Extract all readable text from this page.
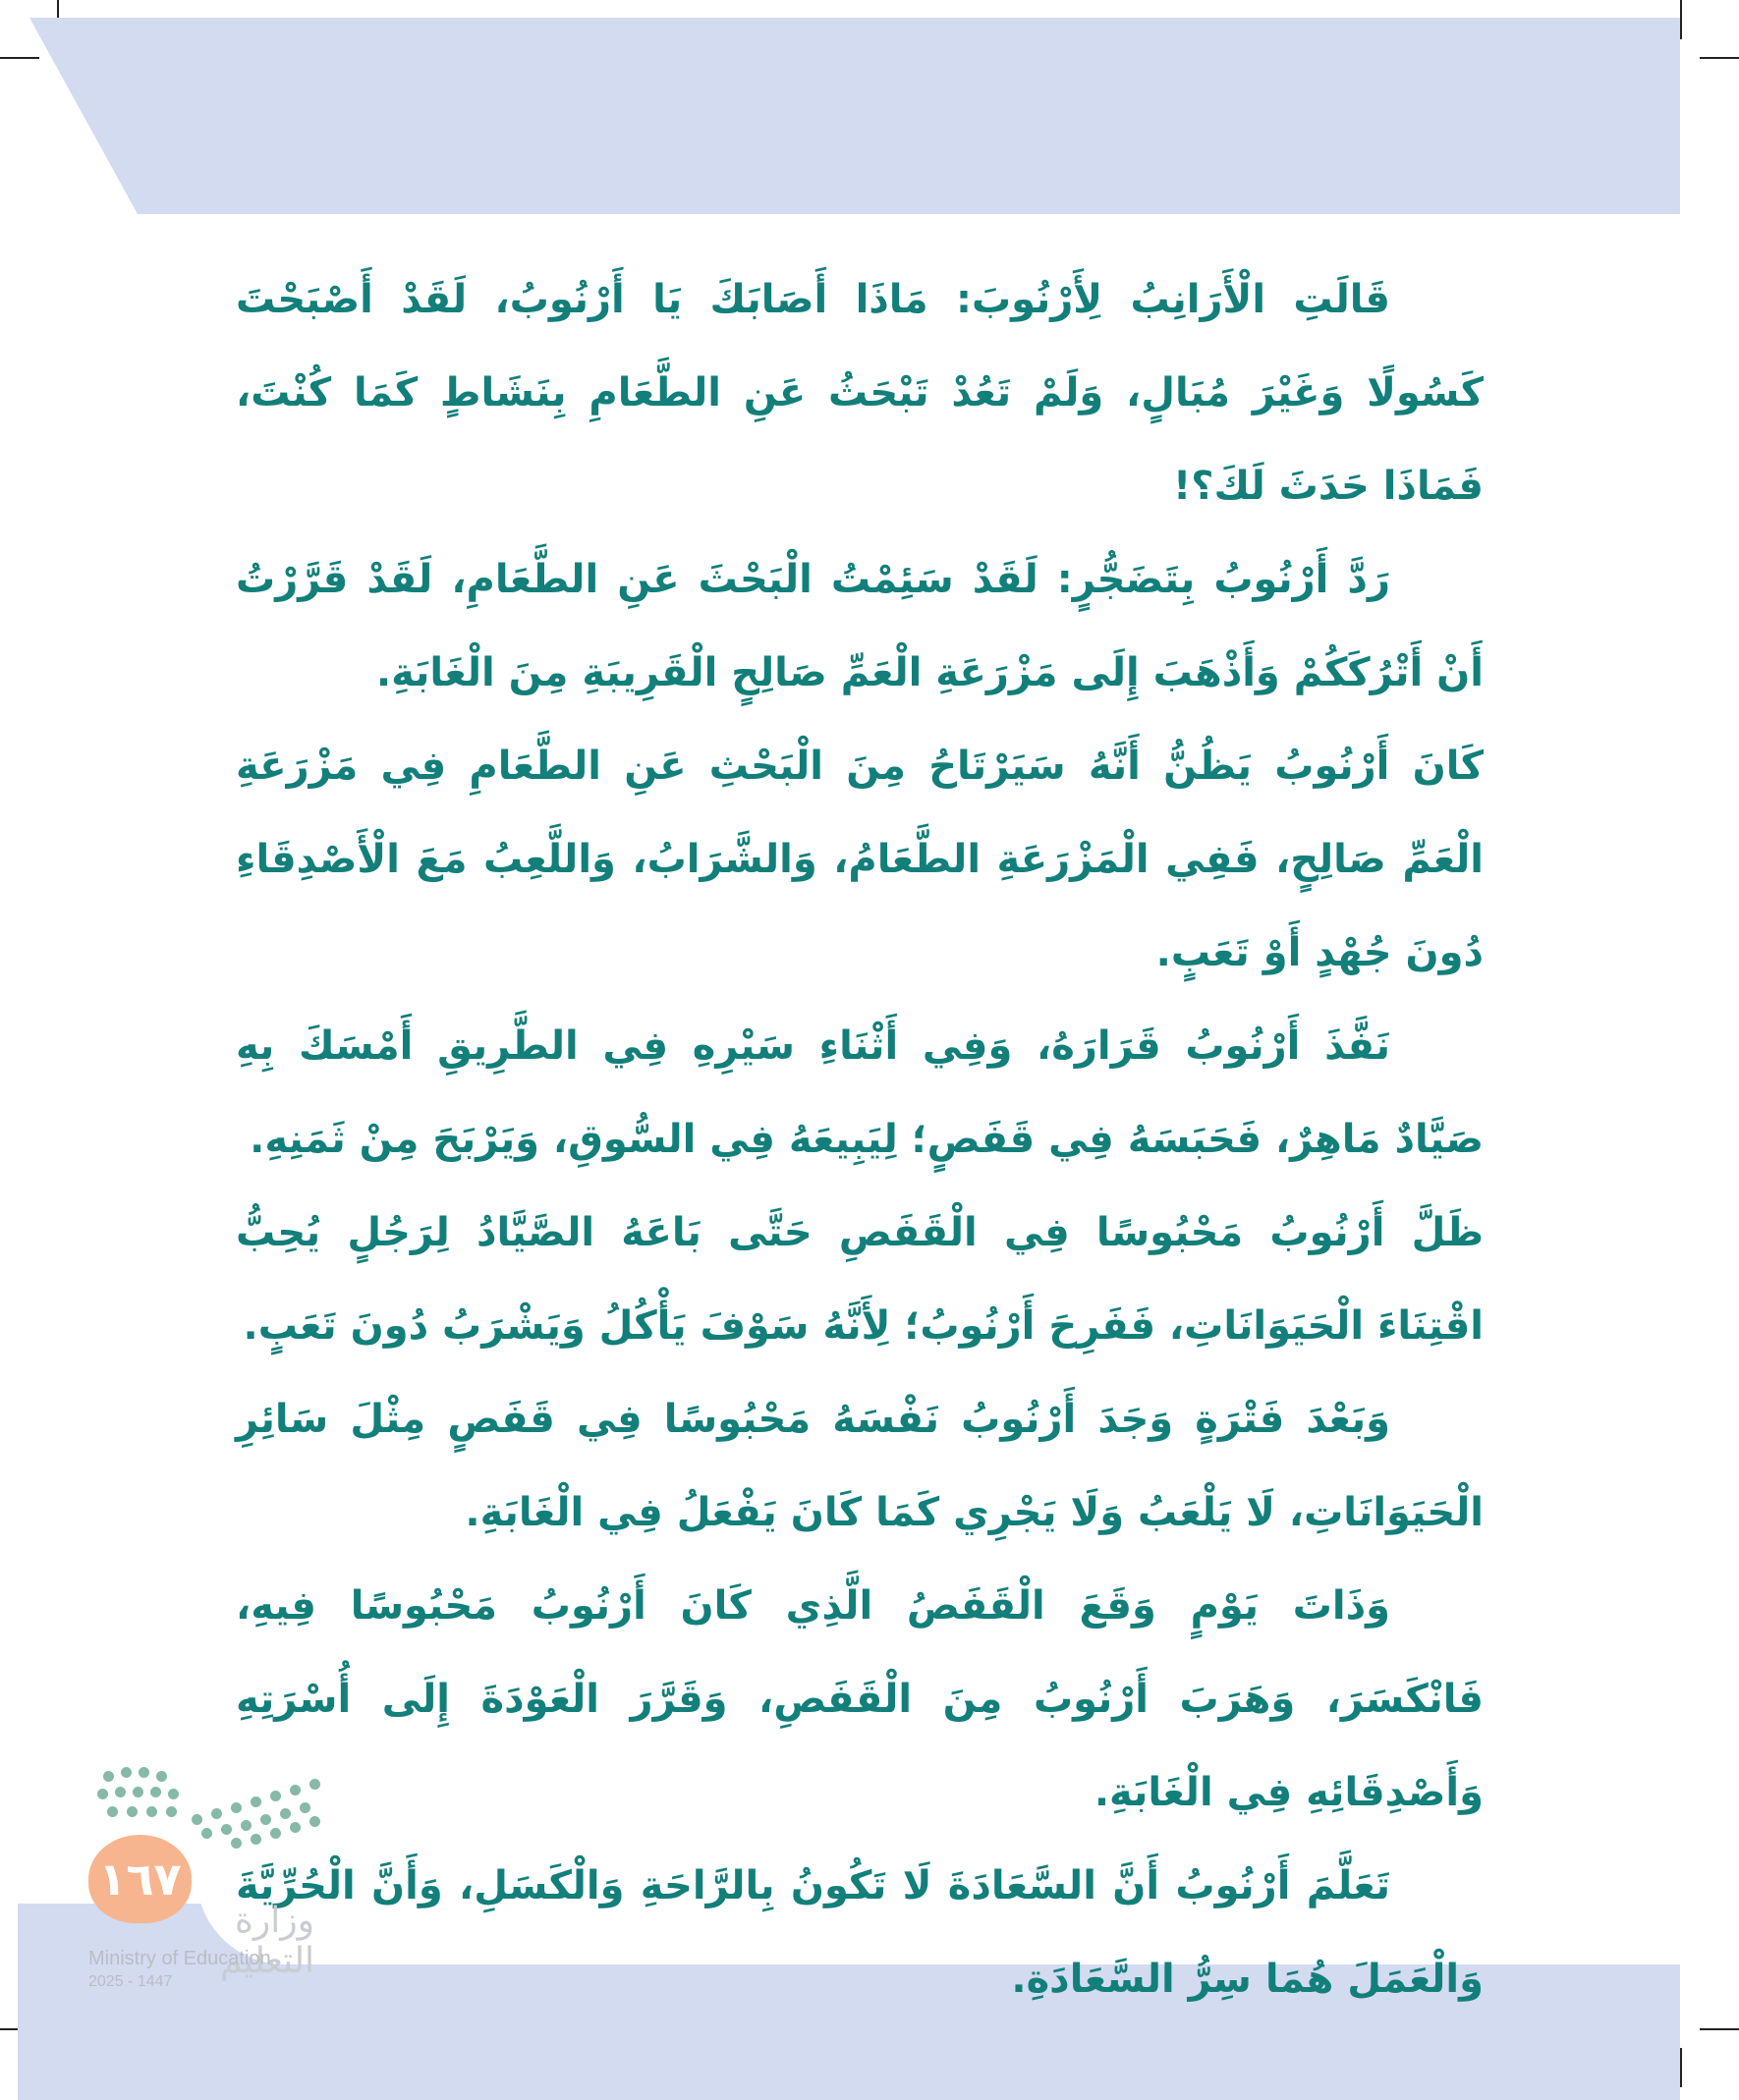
قَالَتِ الْأَرَانِبُ لِأَرْنُوبَ: مَاذَا أَصَابَكَ يَا أَرْنُوبُ، لَقَدْ أَصْبَحْتَ كَسُولًا وَغَيْرَ مُبَالٍ، وَلَمْ تَعُدْ تَبْحَثُ عَنِ الطَّعَامِ بِنَشَاطٍ كَمَا كُنْتَ، فَمَاذَا حَدَثَ لَكَ؟!

رَدَّ أَرْنُوبُ بِتَضَجُّرٍ: لَقَدْ سَئِمْتُ الْبَحْثَ عَنِ الطَّعَامِ، لَقَدْ قَرَّرْتُ أَنْ أَتْرُكَكُمْ وَأَذْهَبَ إِلَى مَزْرَعَةِ الْعَمِّ صَالِحٍ الْقَرِيبَةِ مِنَ الْغَابَةِ.

كَانَ أَرْنُوبُ يَظُنُّ أَنَّهُ سَيَرْتَاحُ مِنَ الْبَحْثِ عَنِ الطَّعَامِ فِي مَزْرَعَةِ الْعَمِّ صَالِحٍ، فَفِي الْمَزْرَعَةِ الطَّعَامُ، وَالشَّرَابُ، وَاللَّعِبُ مَعَ الْأَصْدِقَاءِ دُونَ جُهْدٍ أَوْ تَعَبٍ.

نَفَّذَ أَرْنُوبُ قَرَارَهُ، وَفِي أَثْنَاءِ سَيْرِهِ فِي الطَّرِيقِ أَمْسَكَ بِهِ صَيَّادٌ مَاهِرٌ، فَحَبَسَهُ فِي قَفَصٍ؛ لِيَبِيعَهُ فِي السُّوقِ، وَيَرْبَحَ مِنْ ثَمَنِهِ.

ظَلَّ أَرْنُوبُ مَحْبُوسًا فِي الْقَفَصِ حَتَّى بَاعَهُ الصَّيَّادُ لِرَجُلٍ يُحِبُّ اقْتِنَاءَ الْحَيَوَانَاتِ، فَفَرِحَ أَرْنُوبُ؛ لِأَنَّهُ سَوْفَ يَأْكُلُ وَيَشْرَبُ دُونَ تَعَبٍ.

وَبَعْدَ فَتْرَةٍ وَجَدَ أَرْنُوبُ نَفْسَهُ مَحْبُوسًا فِي قَفَصٍ مِثْلَ سَائِرِ الْحَيَوَانَاتِ، لَا يَلْعَبُ وَلَا يَجْرِي كَمَا كَانَ يَفْعَلُ فِي الْغَابَةِ.

وَذَاتَ يَوْمٍ وَقَعَ الْقَفَصُ الَّذِي كَانَ أَرْنُوبُ مَحْبُوسًا فِيهِ، فَانْكَسَرَ، وَهَرَبَ أَرْنُوبُ مِنَ الْقَفَصِ، وَقَرَّرَ الْعَوْدَةَ إِلَى أُسْرَتِهِ وَأَصْدِقَائِهِ فِي الْغَابَةِ.

تَعَلَّمَ أَرْنُوبُ أَنَّ السَّعَادَةَ لَا تَكُونُ بِالرَّاحَةِ وَالْكَسَلِ، وَأَنَّ الْحُرِّيَّةَ وَالْعَمَلَ هُمَا سِرُّ السَّعَادَةِ.

١٦٧
وزارة التعليم
Ministry of Education
2025 - 1447
